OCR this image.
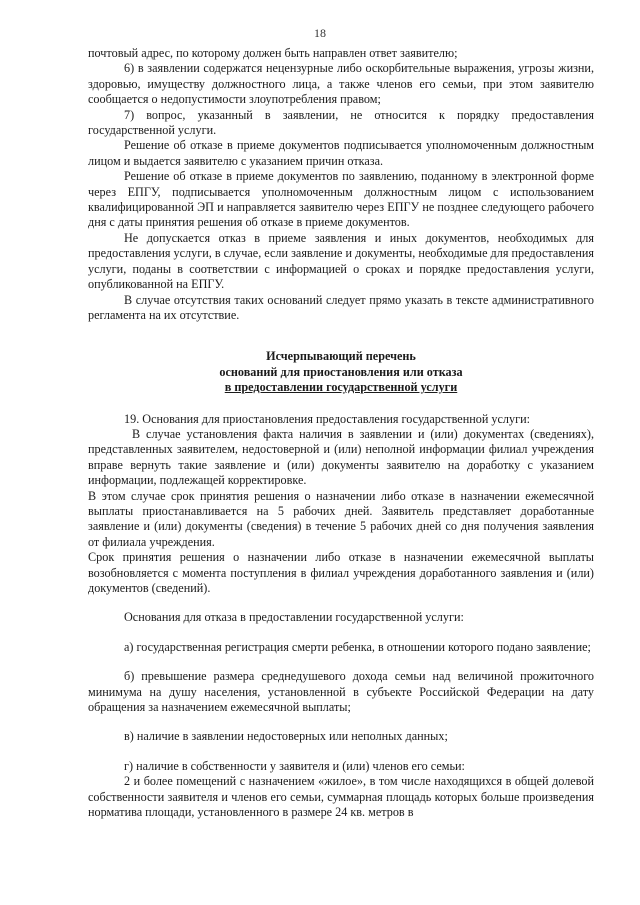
18

почтовый адрес, по которому должен быть направлен ответ заявителю;

6) в заявлении содержатся нецензурные либо оскорбительные выражения, угрозы жизни, здоровью, имуществу должностного лица, а также членов его семьи, при этом заявителю сообщается о недопустимости злоупотребления правом;

7) вопрос, указанный в заявлении, не относится к порядку предоставления государственной услуги.

Решение об отказе в приеме документов подписывается уполномоченным должностным лицом и выдается заявителю с указанием причин отказа.

Решение об отказе в приеме документов по заявлению, поданному в электронной форме через ЕПГУ, подписывается уполномоченным должностным лицом с использованием квалифицированной ЭП и направляется заявителю через ЕПГУ не позднее следующего рабочего дня с даты принятия решения об отказе в приеме документов.

Не допускается отказ в приеме заявления и иных документов, необходимых для предоставления услуги, в случае, если заявление и документы, необходимые для предоставления услуги, поданы в соответствии с информацией о сроках и порядке предоставления услуги, опубликованной на ЕПГУ.

В случае отсутствия таких оснований следует прямо указать в тексте административного регламента на их отсутствие.

Исчерпывающий перечень

оснований для приостановления или отказа

в предоставлении государственной услуги

19. Основания для приостановления предоставления государственной услуги:

В случае установления факта наличия в заявлении и (или) документах (сведениях), представленных заявителем, недостоверной и (или) неполной информации филиал учреждения вправе вернуть такие заявление и (или) документы заявителю на доработку с указанием информации, подлежащей корректировке.

В этом случае срок принятия решения о назначении либо отказе в назначении ежемесячной выплаты приостанавливается на 5 рабочих дней. Заявитель представляет доработанные заявление и (или) документы (сведения) в течение 5 рабочих дней со дня получения заявления от филиала учреждения.

Срок принятия решения о назначении либо отказе в назначении ежемесячной выплаты возобновляется с момента поступления в филиал учреждения доработанного заявления и (или) документов (сведений).

Основания для отказа в предоставлении государственной услуги:

а) государственная регистрация смерти ребенка, в отношении которого подано заявление;

б) превышение размера среднедушевого дохода семьи над величиной прожиточного минимума на душу населения, установленной в субъекте Российской Федерации на дату обращения за назначением ежемесячной выплаты;

в) наличие в заявлении недостоверных или неполных данных;

г) наличие в собственности у заявителя и (или) членов его семьи:

2 и более помещений с назначением «жилое», в том числе находящихся в общей долевой собственности заявителя и членов его семьи, суммарная площадь которых больше произведения норматива площади, установленного в размере 24 кв. метров в
